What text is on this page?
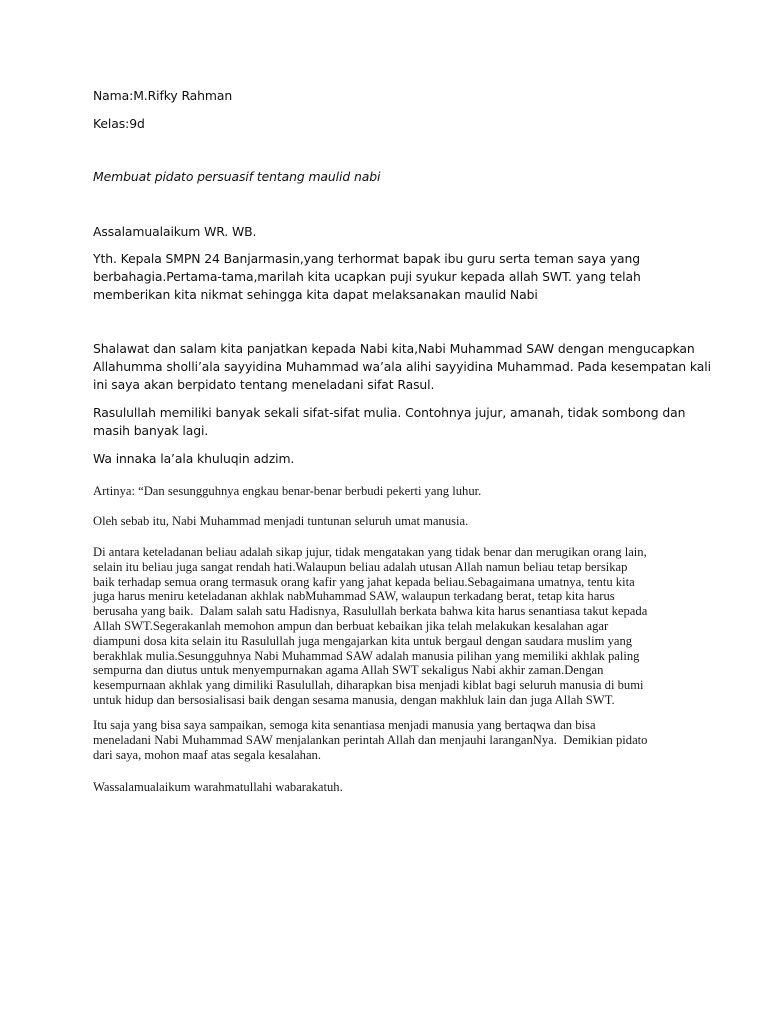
Nama:M.Rifky Rahman
Kelas:9d
Membuat pidato persuasif tentang maulid nabi
Assalamualaikum WR. WB.
Yth. Kepala SMPN 24 Banjarmasin,yang terhormat bapak ibu guru serta teman saya yang
berbahagia.Pertama-tama,marilah kita ucapkan puji syukur kepada allah SWT. yang telah
memberikan kita nikmat sehingga kita dapat melaksanakan maulid Nabi
Shalawat dan salam kita panjatkan kepada Nabi kita,Nabi Muhammad SAW dengan mengucapkan
Allahumma sholli’ala sayyidina Muhammad wa’ala alihi sayyidina Muhammad. Pada kesempatan kali
ini saya akan berpidato tentang meneladani sifat Rasul.
Rasulullah memiliki banyak sekali sifat-sifat mulia. Contohnya jujur, amanah, tidak sombong dan
masih banyak lagi.
Wa innaka la’ala khuluqin adzim.
Artinya: “Dan sesungguhnya engkau benar-benar berbudi pekerti yang luhur.
Oleh sebab itu, Nabi Muhammad menjadi tuntunan seluruh umat manusia.
Di antara keteladanan beliau adalah sikap jujur, tidak mengatakan yang tidak benar dan merugikan orang lain,
selain itu beliau juga sangat rendah hati.Walaupun beliau adalah utusan Allah namun beliau tetap bersikap
baik terhadap semua orang termasuk orang kafir yang jahat kepada beliau.Sebagaimana umatnya, tentu kita
juga harus meniru keteladanan akhlak nabMuhammad SAW, walaupun terkadang berat, tetap kita harus
berusaha yang baik.  Dalam salah satu Hadisnya, Rasulullah berkata bahwa kita harus senantiasa takut kepada
Allah SWT.Segerakanlah memohon ampun dan berbuat kebaikan jika telah melakukan kesalahan agar
diampuni dosa kita selain itu Rasulullah juga mengajarkan kita untuk bergaul dengan saudara muslim yang
berakhlak mulia.Sesungguhnya Nabi Muhammad SAW adalah manusia pilihan yang memiliki akhlak paling
sempurna dan diutus untuk menyempurnakan agama Allah SWT sekaligus Nabi akhir zaman.Dengan
kesempurnaan akhlak yang dimiliki Rasulullah, diharapkan bisa menjadi kiblat bagi seluruh manusia di bumi
untuk hidup dan bersosialisasi baik dengan sesama manusia, dengan makhluk lain dan juga Allah SWT.
Itu saja yang bisa saya sampaikan, semoga kita senantiasa menjadi manusia yang bertaqwa dan bisa
meneladani Nabi Muhammad SAW menjalankan perintah Allah dan menjauhi laranganNya.  Demikian pidato
dari saya, mohon maaf atas segala kesalahan.
Wassalamualaikum warahmatullahi wabarakatuh.
